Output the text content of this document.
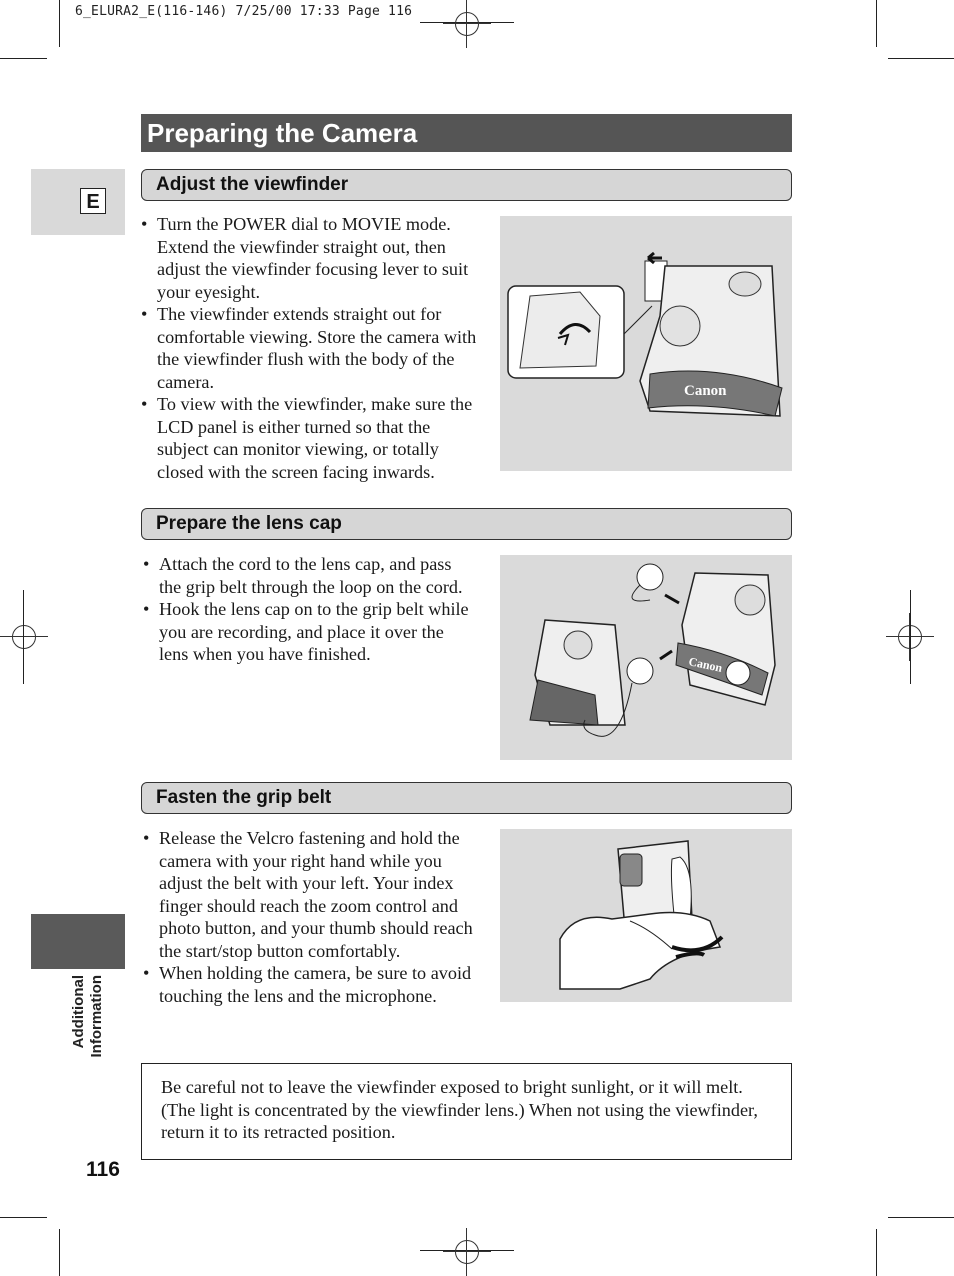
6_ELURA2_E(116-146) 7/25/00 17:33 Page 116
E
Additional Information
116
Preparing the Camera
Adjust the viewfinder
• Turn the POWER dial to MOVIE mode. Extend the viewfinder straight out, then adjust the viewfinder focusing lever to suit your eyesight.
• The viewfinder extends straight out for comfortable viewing. Store the camera with the viewfinder flush with the body of the camera.
• To view with the viewfinder, make sure the LCD panel is either turned so that the subject can monitor viewing, or totally closed with the screen facing inwards.
Canon
Prepare the lens cap
• Attach the cord to the lens cap, and pass the grip belt through the loop on the cord.
• Hook the lens cap on to the grip belt while you are recording, and place it over the lens when you have finished.
Canon
Fasten the grip belt
• Release the Velcro fastening and hold the camera with your right hand while you adjust the belt with your left. Your index finger should reach the zoom control and photo button, and your thumb should reach the start/stop button comfortably.
• When holding the camera, be sure to avoid touching the lens and the microphone.
Be careful not to leave the viewfinder exposed to bright sunlight, or it will melt. (The light is concentrated by the viewfinder lens.) When not using the viewfinder, return it to its retracted position.
